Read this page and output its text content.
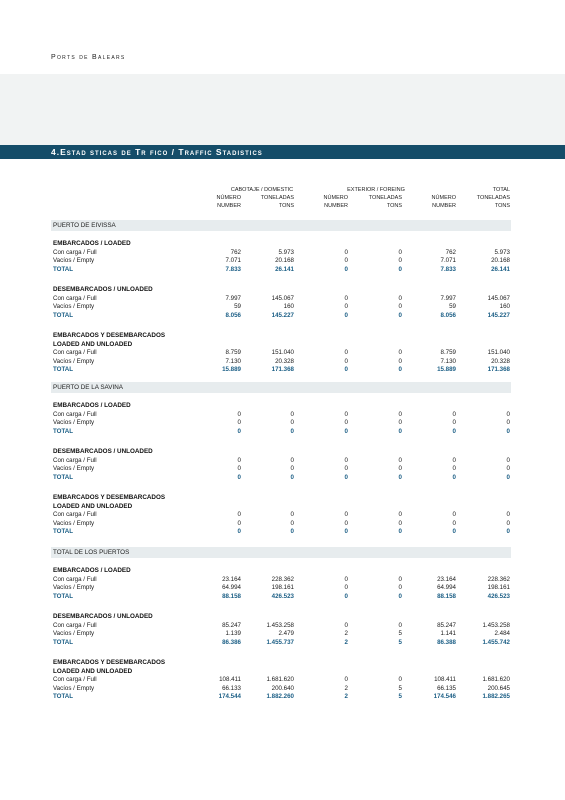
Ports de Balears
4.Estad sticas de Tr fico / Traffic Stadistics
CABOTAJE / DOMESTIC	EXTERIOR / FOREING	TOTAL
NÚMERO	TONELADAS	NÚMERO	TONELADAS	NÚMERO	TONELADAS
NUMBER	TONS	NUMBER	TONS	NUMBER	TONS
PUERTO DE EIVISSA
EMBARCADOS / LOADED
Con carga / Full	762	5.973	0	0	762	5.973
Vacíos / Empty	7.071	20.168	0	0	7.071	20.168
TOTAL	7.833	26.141	0	0	7.833	26.141
DESEMBARCADOS / UNLOADED
Con carga / Full	7.997	145.067	0	0	7.997	145.067
Vacíos / Empty	59	160	0	0	59	160
TOTAL	8.056	145.227	0	0	8.056	145.227
EMBARCADOS Y DESEMBARCADOS
LOADED AND UNLOADED
Con carga / Full	8.759	151.040	0	0	8.759	151.040
Vacíos / Empty	7.130	20.328	0	0	7.130	20.328
TOTAL	15.889	171.368	0	0	15.889	171.368
PUERTO DE LA SAVINA
EMBARCADOS / LOADED
Con carga / Full	0	0	0	0	0	0
Vacíos / Empty	0	0	0	0	0	0
TOTAL	0	0	0	0	0	0
DESEMBARCADOS / UNLOADED
Con carga / Full	0	0	0	0	0	0
Vacíos / Empty	0	0	0	0	0	0
TOTAL	0	0	0	0	0	0
EMBARCADOS Y DESEMBARCADOS
LOADED AND UNLOADED
Con carga / Full	0	0	0	0	0	0
Vacíos / Empty	0	0	0	0	0	0
TOTAL	0	0	0	0	0	0
TOTAL DE LOS PUERTOS
EMBARCADOS / LOADED
Con carga / Full	23.164	228.362	0	0	23.164	228.362
Vacíos / Empty	64.994	198.161	0	0	64.994	198.161
TOTAL	88.158	426.523	0	0	88.158	426.523
DESEMBARCADOS / UNLOADED
Con carga / Full	85.247	1.453.258	0	0	85.247	1.453.258
Vacíos / Empty	1.139	2.479	2	5	1.141	2.484
TOTAL	86.386	1.455.737	2	5	86.388	1.455.742
EMBARCADOS Y DESEMBARCADOS
LOADED AND UNLOADED
Con carga / Full	108.411	1.681.620	0	0	108.411	1.681.620
Vacíos / Empty	66.133	200.640	2	5	66.135	200.645
TOTAL	174.544	1.882.260	2	5	174.546	1.882.265
